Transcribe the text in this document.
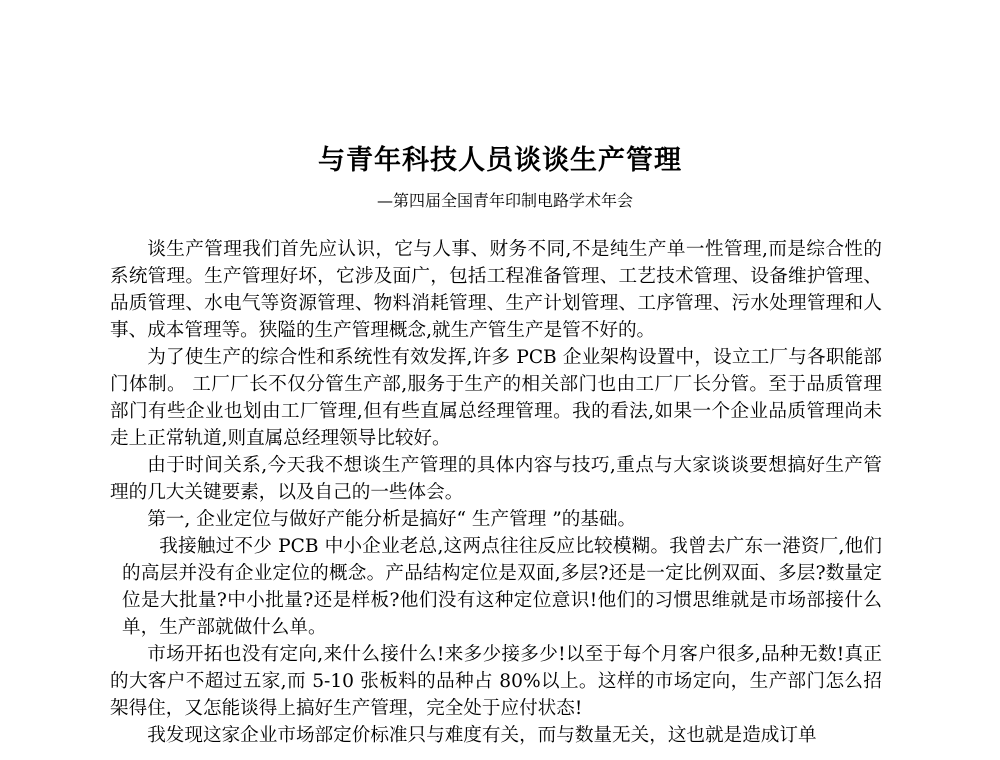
与青年科技人员谈谈生产管理

—第四届全国青年印制电路学术年会

谈生产管理我们首先应认识，它与人事、财务不同,不是纯生产单一性管理,而是综合性的系统管理。生产管理好坏，它涉及面广，包括工程准备管理、工艺技术管理、设备维护管理、品质管理、水电气等资源管理、物料消耗管理、生产计划管理、工序管理、污水处理管理和人事、成本管理等。狭隘的生产管理概念,就生产管生产是管不好的。

为了使生产的综合性和系统性有效发挥,许多 PCB 企业架构设置中，设立工厂与各职能部门体制。 工厂厂长不仅分管生产部,服务于生产的相关部门也由工厂厂长分管。至于品质管理部门有些企业也划由工厂管理,但有些直属总经理管理。我的看法,如果一个企业品质管理尚未走上正常轨道,则直属总经理领导比较好。

由于时间关系,今天我不想谈生产管理的具体内容与技巧,重点与大家谈谈要想搞好生产管理的几大关键要素，以及自己的一些体会。

第一, 企业定位与做好产能分析是搞好“ 生产管理 ”的基础。

我接触过不少 PCB 中小企业老总,这两点往往反应比较模糊。我曾去广东一港资厂,他们的高层并没有企业定位的概念。产品结构定位是双面,多层?还是一定比例双面、多层?数量定位是大批量?中小批量?还是样板?他们没有这种定位意识!他们的习惯思维就是市场部接什么单，生产部就做什么单。

市场开拓也没有定向,来什么接什么!来多少接多少!以至于每个月客户很多,品种无数!真正的大客户不超过五家,而 5-10 张板料的品种占 80%以上。这样的市场定向，生产部门怎么招架得住，又怎能谈得上搞好生产管理，完全处于应付状态!

我发现这家企业市场部定价标准只与难度有关，而与数量无关，这也就是造成订单
